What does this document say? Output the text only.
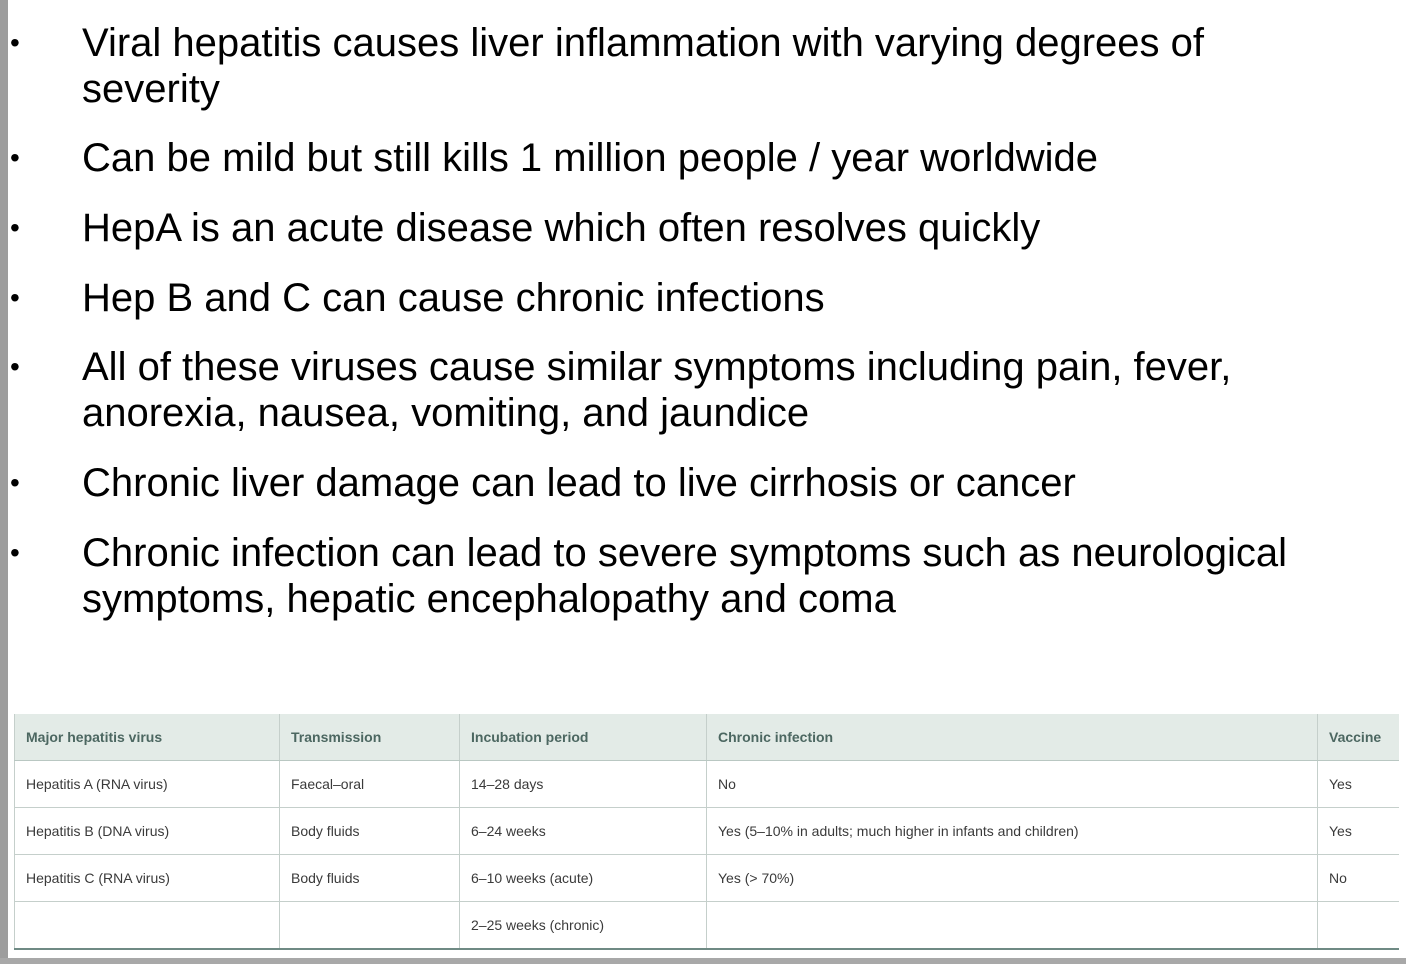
• Viral hepatitis causes liver inflammation with varying degrees of
severity
• Can be mild but still kills 1 million people / year worldwide
• HepA is an acute disease which often resolves quickly
• Hep B and C can cause chronic infections
• All of these viruses cause similar symptoms including pain, fever,
anorexia, nausea, vomiting, and jaundice
• Chronic liver damage can lead to live cirrhosis or cancer
• Chronic infection can lead to severe symptoms such as neurological
symptoms, hepatic encephalopathy and coma
Major hepatitis virus	Transmission	Incubation period	Chronic infection	Vaccine
Hepatitis A (RNA virus)	Faecal–oral	14–28 days	No	Yes
Hepatitis B (DNA virus)	Body fluids	6–24 weeks	Yes (5–10% in adults; much higher in infants and children)	Yes
Hepatitis C (RNA virus)	Body fluids	6–10 weeks (acute)	Yes (> 70%)	No
		2–25 weeks (chronic)		
